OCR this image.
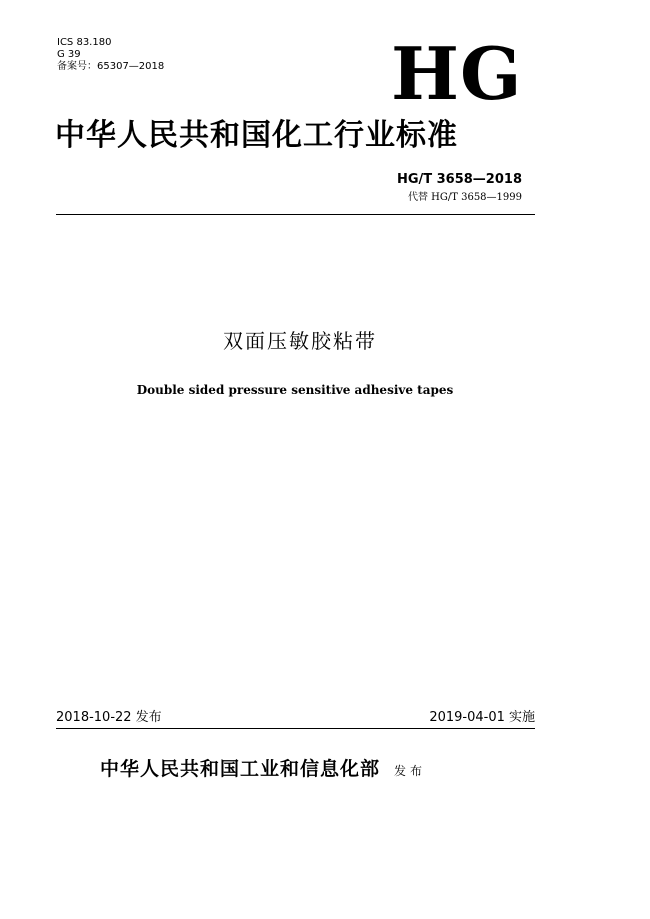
ICS 83.180
G 39
备案号：65307—2018	HG
中华人民共和国化工行业标准
HG/T 3658—2018
代替 HG/T 3658—1999
双面压敏胶粘带
Double sided pressure sensitive adhesive tapes
2018-10-22 发布	2019-04-01 实施
中华人民共和国工业和信息化部 发布
